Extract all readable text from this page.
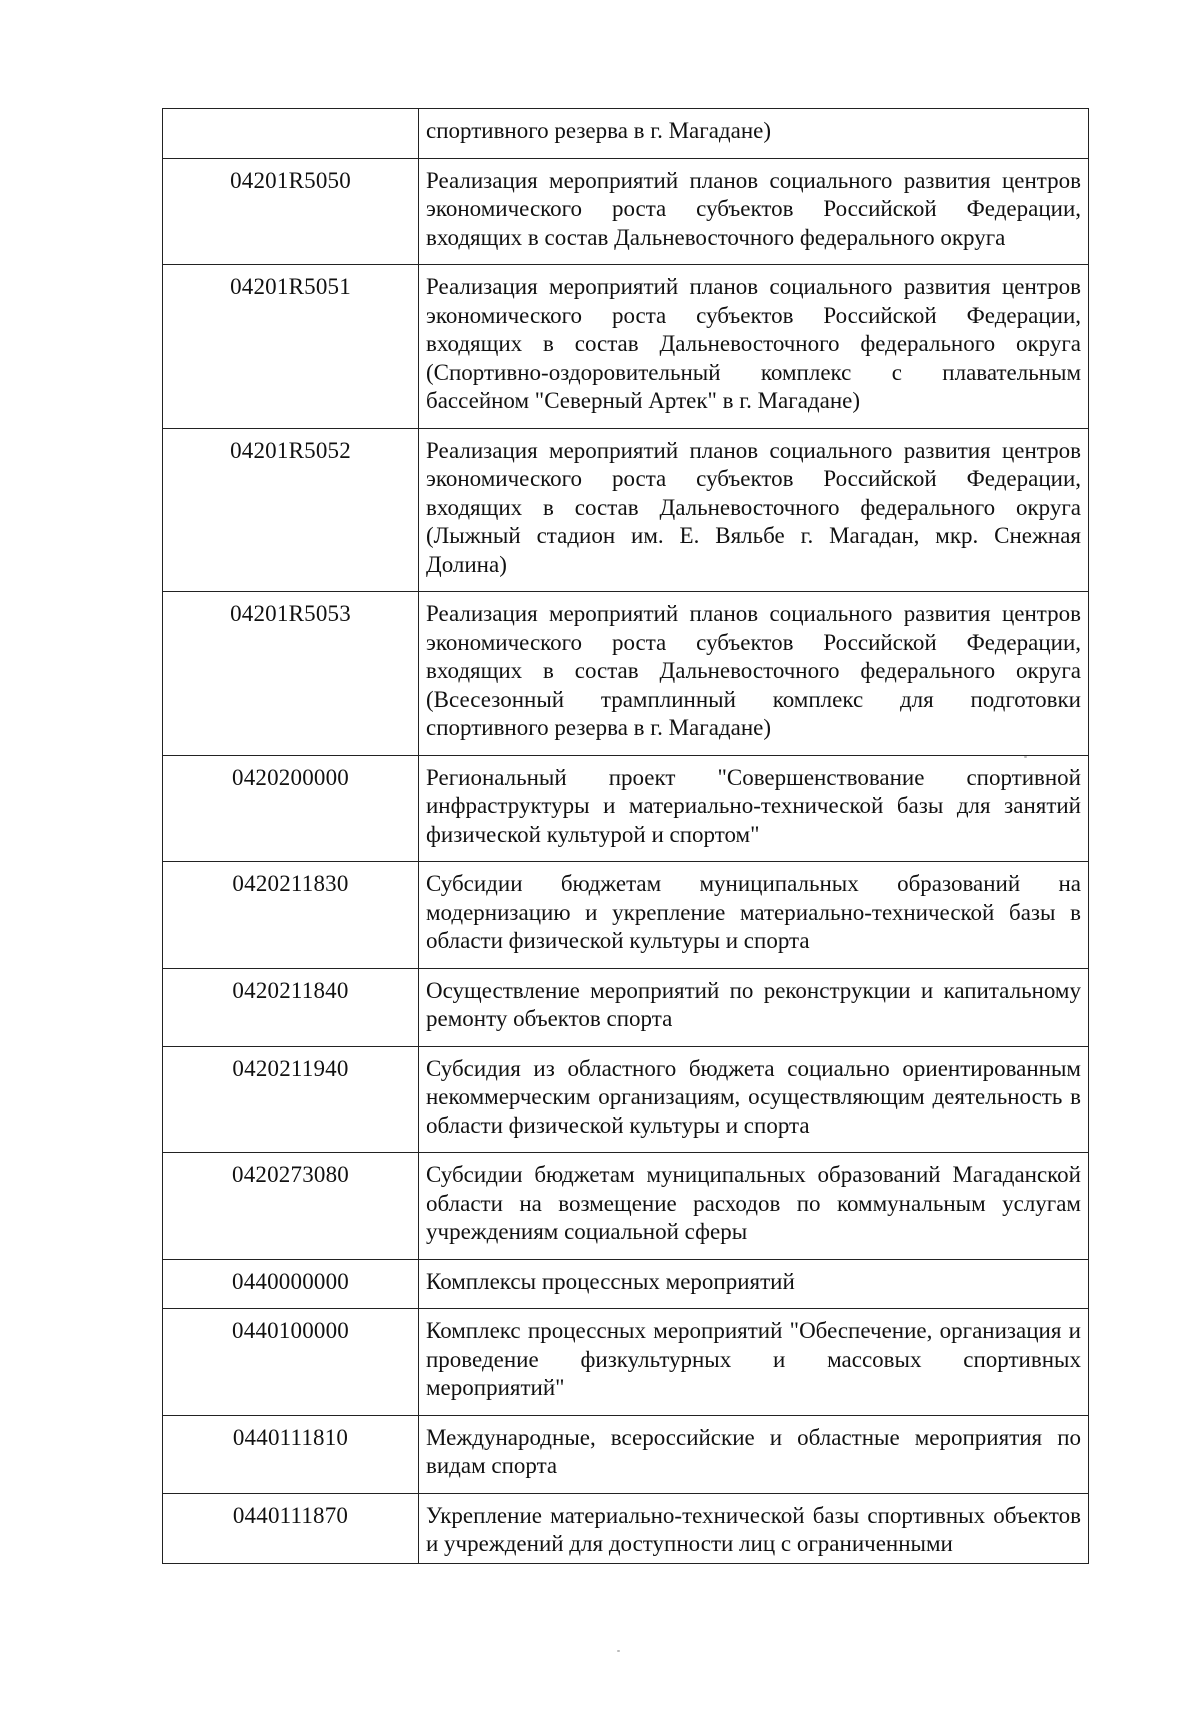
	спортивного резерва в г. Магадане)
04201R5050	Реализация мероприятий планов социального развития центров экономического роста субъектов Российской Федерации, входящих в состав Дальневосточного федерального округа
04201R5051	Реализация мероприятий планов социального развития центров экономического роста субъектов Российской Федерации, входящих в состав Дальневосточного федерального округа (Спортивно-оздоровительный комплекс с плавательным бассейном "Северный Артек" в г. Магадане)
04201R5052	Реализация мероприятий планов социального развития центров экономического роста субъектов Российской Федерации, входящих в состав Дальневосточного федерального округа (Лыжный стадион им. Е. Вяльбе г. Магадан, мкр. Снежная Долина)
04201R5053	Реализация мероприятий планов социального развития центров экономического роста субъектов Российской Федерации, входящих в состав Дальневосточного федерального округа (Всесезонный трамплинный комплекс для подготовки спортивного резерва в г. Магадане)
0420200000	Региональный проект "Совершенствование спортивной инфраструктуры и материально-технической базы для занятий физической культурой и спортом"
0420211830	Субсидии бюджетам муниципальных образований на модернизацию и укрепление материально-технической базы в области физической культуры и спорта
0420211840	Осуществление мероприятий по реконструкции и капитальному ремонту объектов спорта
0420211940	Субсидия из областного бюджета социально ориентированным некоммерческим организациям, осуществляющим деятельность в области физической культуры и спорта
0420273080	Субсидии бюджетам муниципальных образований Магаданской области на возмещение расходов по коммунальным услугам учреждениям социальной сферы
0440000000	Комплексы процессных мероприятий
0440100000	Комплекс процессных мероприятий "Обеспечение, организация и проведение физкультурных и массовых спортивных мероприятий"
0440111810	Международные, всероссийские и областные мероприятия по видам спорта
0440111870	Укрепление материально-технической базы спортивных объектов и учреждений для доступности лиц с ограниченными
